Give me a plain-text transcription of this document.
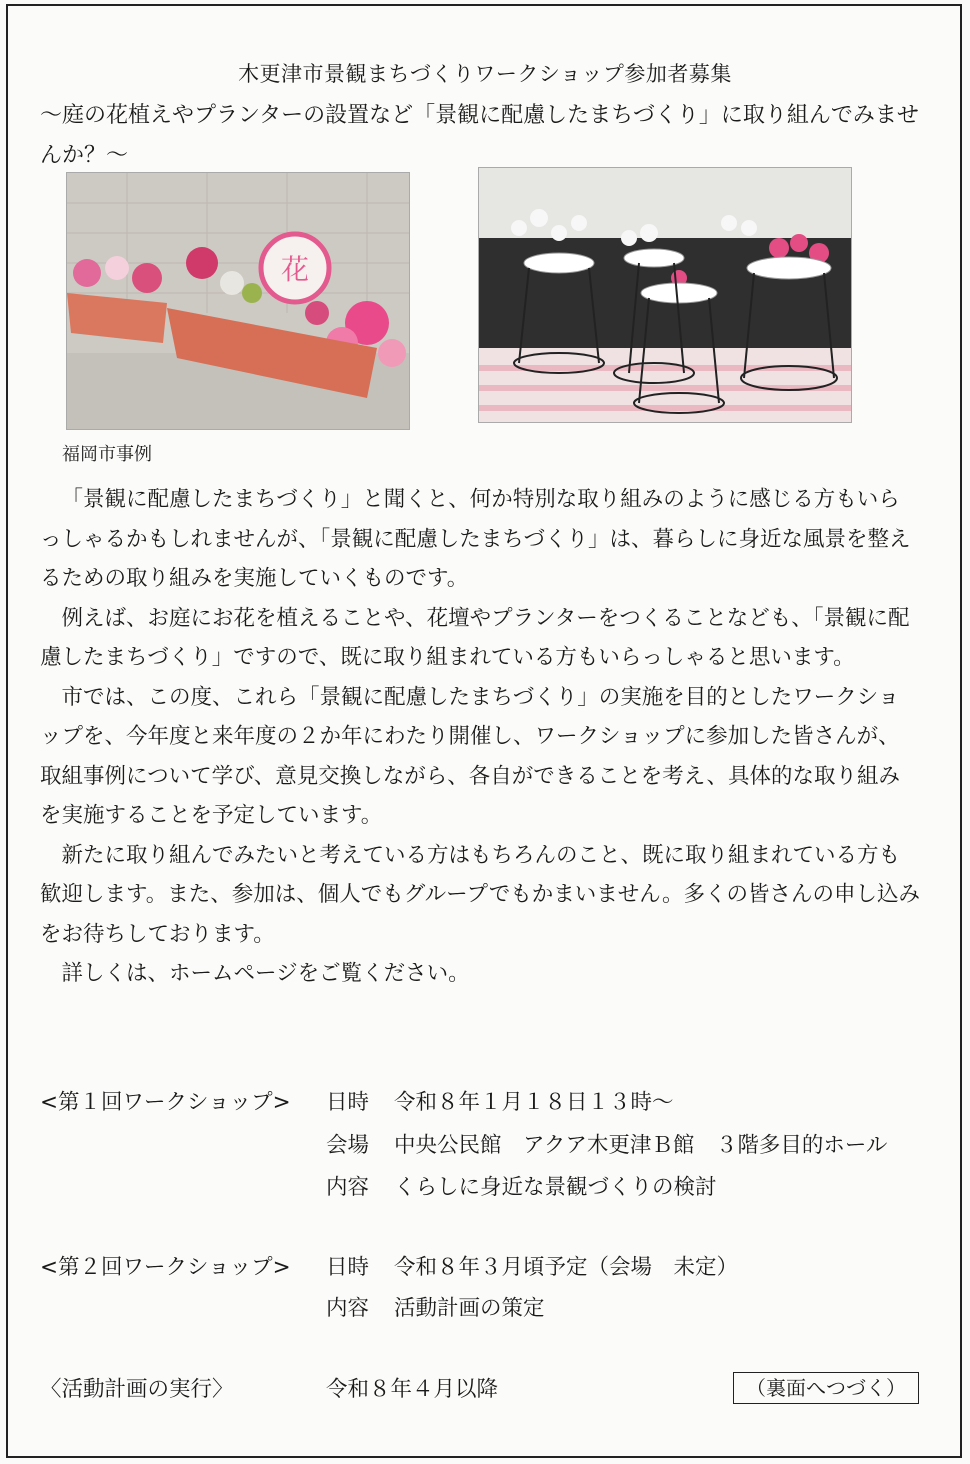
木更津市景観まちづくりワークショップ参加者募集
～庭の花植えやプランターの設置など「景観に配慮したまちづくり」に取り組んでみませんか？～
花
福岡市事例

「景観に配慮したまちづくり」と聞くと、何か特別な取り組みのように感じる方もいらっしゃるかもしれませんが、「景観に配慮したまちづくり」は、暮らしに身近な風景を整えるための取り組みを実施していくものです。

例えば、お庭にお花を植えることや、花壇やプランターをつくることなども、「景観に配慮したまちづくり」ですので、既に取り組まれている方もいらっしゃると思います。

市では、この度、これら「景観に配慮したまちづくり」の実施を目的としたワークショップを、今年度と来年度の２か年にわたり開催し、ワークショップに参加した皆さんが、取組事例について学び、意見交換しながら、各自ができることを考え、具体的な取り組みを実施することを予定しています。

新たに取り組んでみたいと考えている方はもちろんのこと、既に取り組まれている方も歓迎します。また、参加は、個人でもグループでもかまいません。多くの皆さんの申し込みをお待ちしております。

詳しくは、ホームページをご覧ください。

<第１回ワークショップ>	日時 令和８年１月１８日１３時～
会場 中央公民館　アクア木更津Ｂ館　３階多目的ホール
内容 くらしに身近な景観づくりの検討
<第２回ワークショップ>	日時 令和８年３月頃予定（会場　未定）
内容 活動計画の策定
〈活動計画の実行〉	令和８年４月以降	（裏面へつづく）
